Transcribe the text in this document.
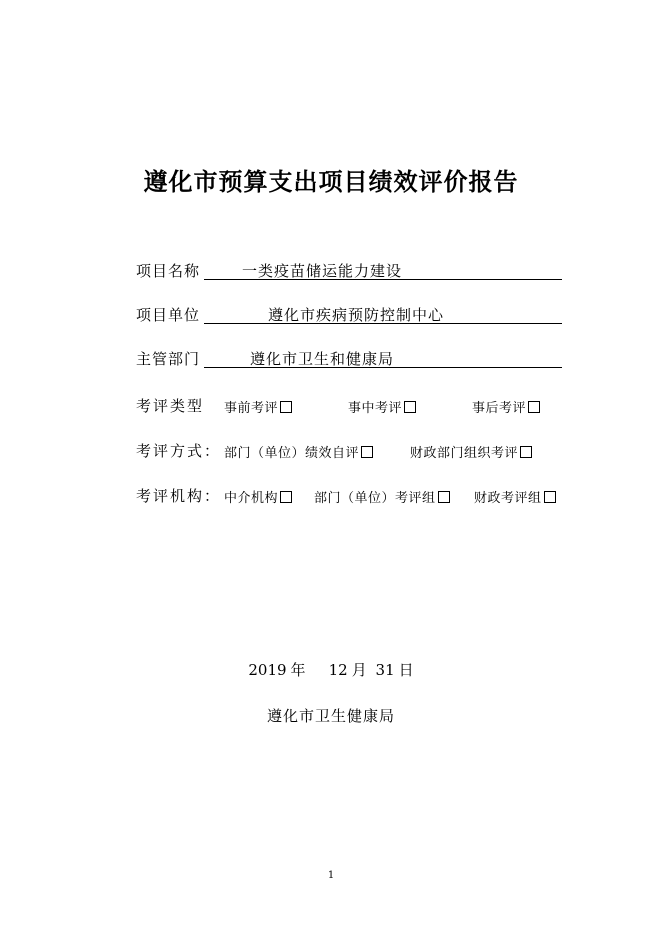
遵化市预算支出项目绩效评价报告
项目名称	一类疫苗储运能力建设
项目单位	遵化市疾病预防控制中心
主管部门	遵化市卫生和健康局
考评类型 事前考评	事中考评	事后考评
考评方式： 部门（单位）绩效自评	财政部门组织考评
考评机构： 中介机构	部门（单位）考评组	财政考评组
2019 年 12 月 31 日
遵化市卫生健康局
1
